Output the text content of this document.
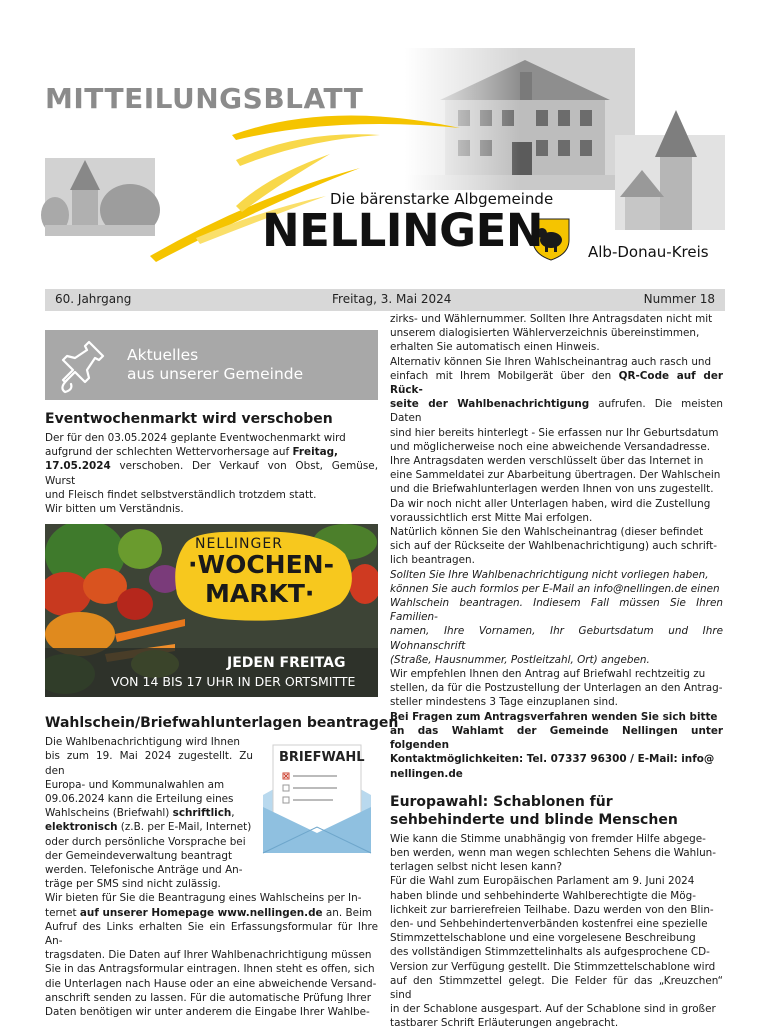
MITTEILUNGSBLATT
Die bärenstarke Albgemeinde
NELLINGEN	Alb-Donau-Kreis
60. Jahrgang	Freitag, 3. Mai 2024	Nummer 18
Aktuelles
aus unserer Gemeinde
Eventwochenmarkt wird verschoben

Der für den 03.05.2024 geplante Eventwochenmarkt wird
aufgrund der schlechten Wettervorhersage auf Freitag,
17.05.2024 verschoben. Der Verkauf von Obst, Gemüse, Wurst
und Fleisch findet selbstverständlich trotzdem statt.
Wir bitten um Verständnis.

NELLINGER
·WOCHEN-
MARKT·
JEDEN FREITAG
VON 14 BIS 17 UHR IN DER ORTSMITTE
Wahlschein/Briefwahlunterlagen beantragen

Die Wahlbenachrichtigung wird Ihnen
bis zum 19. Mai 2024 zugestellt. Zu den
Europa- und Kommunalwahlen am
09.06.2024 kann die Erteilung eines
Wahlscheins (Briefwahl) schriftlich,
elektronisch (z.B. per E-Mail, Internet)
oder durch persönliche Vorsprache bei
der Gemeindeverwaltung beantragt
werden. Telefonische Anträge und An-
träge per SMS sind nicht zulässig.

BRIEFWAHL

Wir bieten für Sie die Beantragung eines Wahlscheins per In-
ternet auf unserer Homepage www.nellingen.de an. Beim
Aufruf des Links erhalten Sie ein Erfassungsformular für Ihre An-
tragsdaten. Die Daten auf Ihrer Wahlbenachrichtigung müssen
Sie in das Antragsformular eintragen. Ihnen steht es offen, sich
die Unterlagen nach Hause oder an eine abweichende Versand-
anschrift senden zu lassen. Für die automatische Prüfung Ihrer
Daten benötigen wir unter anderem die Eingabe Ihrer Wahlbe-

zirks- und Wählernummer. Sollten Ihre Antragsdaten nicht mit
unserem dialogisierten Wählerverzeichnis übereinstimmen,
erhalten Sie automatisch einen Hinweis.
Alternativ können Sie Ihren Wahlscheinantrag auch rasch und
einfach mit Ihrem Mobilgerät über den QR-Code auf der Rück-
seite der Wahlbenachrichtigung aufrufen. Die meisten Daten
sind hier bereits hinterlegt - Sie erfassen nur Ihr Geburtsdatum
und möglicherweise noch eine abweichende Versandadresse.
Ihre Antragsdaten werden verschlüsselt über das Internet in
eine Sammeldatei zur Abarbeitung übertragen. Der Wahlschein
und die Briefwahlunterlagen werden Ihnen von uns zugestellt.
Da wir noch nicht aller Unterlagen haben, wird die Zustellung
voraussichtlich erst Mitte Mai erfolgen.
Natürlich können Sie den Wahlscheinantrag (dieser befindet
sich auf der Rückseite der Wahlbenachrichtigung) auch schrift-
lich beantragen.
Sollten Sie Ihre Wahlbenachrichtigung nicht vorliegen haben,
können Sie auch formlos per E-Mail an info@nellingen.de einen
Wahlschein beantragen. Indiesem Fall müssen Sie Ihren Familien-
namen, Ihre Vornamen, Ihr Geburtsdatum und Ihre Wohnanschrift
(Straße, Hausnummer, Postleitzahl, Ort) angeben.
Wir empfehlen Ihnen den Antrag auf Briefwahl rechtzeitig zu
stellen, da für die Postzustellung der Unterlagen an den Antrag-
steller mindestens 3 Tage einzuplanen sind.
Bei Fragen zum Antragsverfahren wenden Sie sich bitte
an das Wahlamt der Gemeinde Nellingen unter folgenden
Kontaktmöglichkeiten: Tel. 07337 96300 / E-Mail: info@
nellingen.de

Europawahl: Schablonen für sehbehinderte und blinde Menschen

Wie kann die Stimme unabhängig von fremder Hilfe abgege-
ben werden, wenn man wegen schlechten Sehens die Wahlun-
terlagen selbst nicht lesen kann?
Für die Wahl zum Europäischen Parlament am 9. Juni 2024
haben blinde und sehbehinderte Wahlberechtigte die Mög-
lichkeit zur barrierefreien Teilhabe. Dazu werden von den Blin-
den- und Sehbehindertenverbänden kostenfrei eine spezielle
Stimmzettelschablone und eine vorgelesene Beschreibung
des vollständigen Stimmzettelinhalts als aufgesprochene CD-
Version zur Verfügung gestellt. Die Stimmzettelschablone wird
auf den Stimmzettel gelegt. Die Felder für das „Kreuzchen“ sind
in der Schablone ausgespart. Auf der Schablone sind in großer
tastbarer Schrift Erläuterungen angebracht.
